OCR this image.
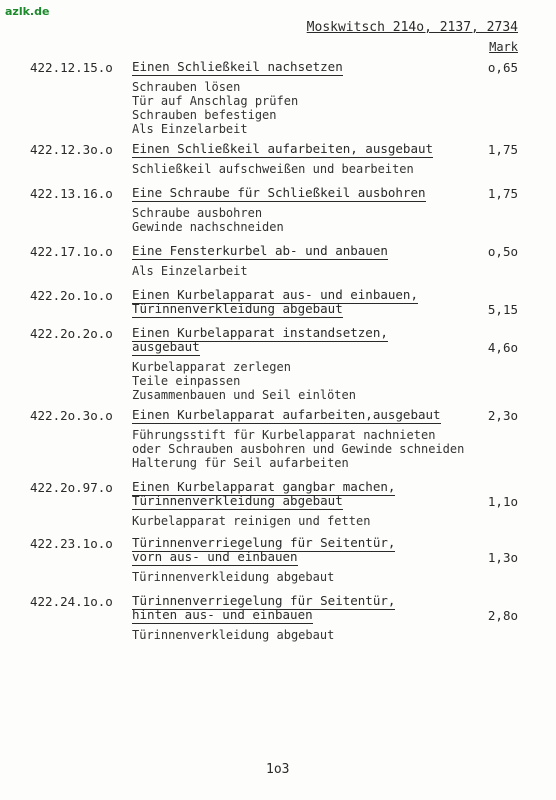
azlk.de
Moskwitsch 214o, 2137, 2734
Mark
422.12.15.o Einen Schließkeil nachsetzen	o,65
Schrauben lösen
Tür auf Anschlag prüfen
Schrauben befestigen
Als Einzelarbeit
422.12.3o.o Einen Schließkeil aufarbeiten, ausgebaut	1,75
Schließkeil aufschweißen und bearbeiten
422.13.16.o Eine Schraube für Schließkeil ausbohren	1,75
Schraube ausbohren
Gewinde nachschneiden
422.17.1o.o Eine Fensterkurbel ab- und anbauen	o,5o
Als Einzelarbeit
422.2o.1o.o Einen Kurbelapparat aus- und einbauen,
Türinnenverkleidung abgebaut	5,15
422.2o.2o.o Einen Kurbelapparat instandsetzen,
ausgebaut	4,6o
Kurbelapparat zerlegen
Teile einpassen
Zusammenbauen und Seil einlöten
422.2o.3o.o Einen Kurbelapparat aufarbeiten,ausgebaut	2,3o
Führungsstift für Kurbelapparat nachnieten
oder Schrauben ausbohren und Gewinde schneiden
Halterung für Seil aufarbeiten
422.2o.97.o Einen Kurbelapparat gangbar machen,
Türinnenverkleidung abgebaut	1,1o
Kurbelapparat reinigen und fetten
422.23.1o.o Türinnenverriegelung für Seitentür,
vorn aus- und einbauen	1,3o
Türinnenverkleidung abgebaut
422.24.1o.o Türinnenverriegelung für Seitentür,
hinten aus- und einbauen	2,8o
Türinnenverkleidung abgebaut
1o3
